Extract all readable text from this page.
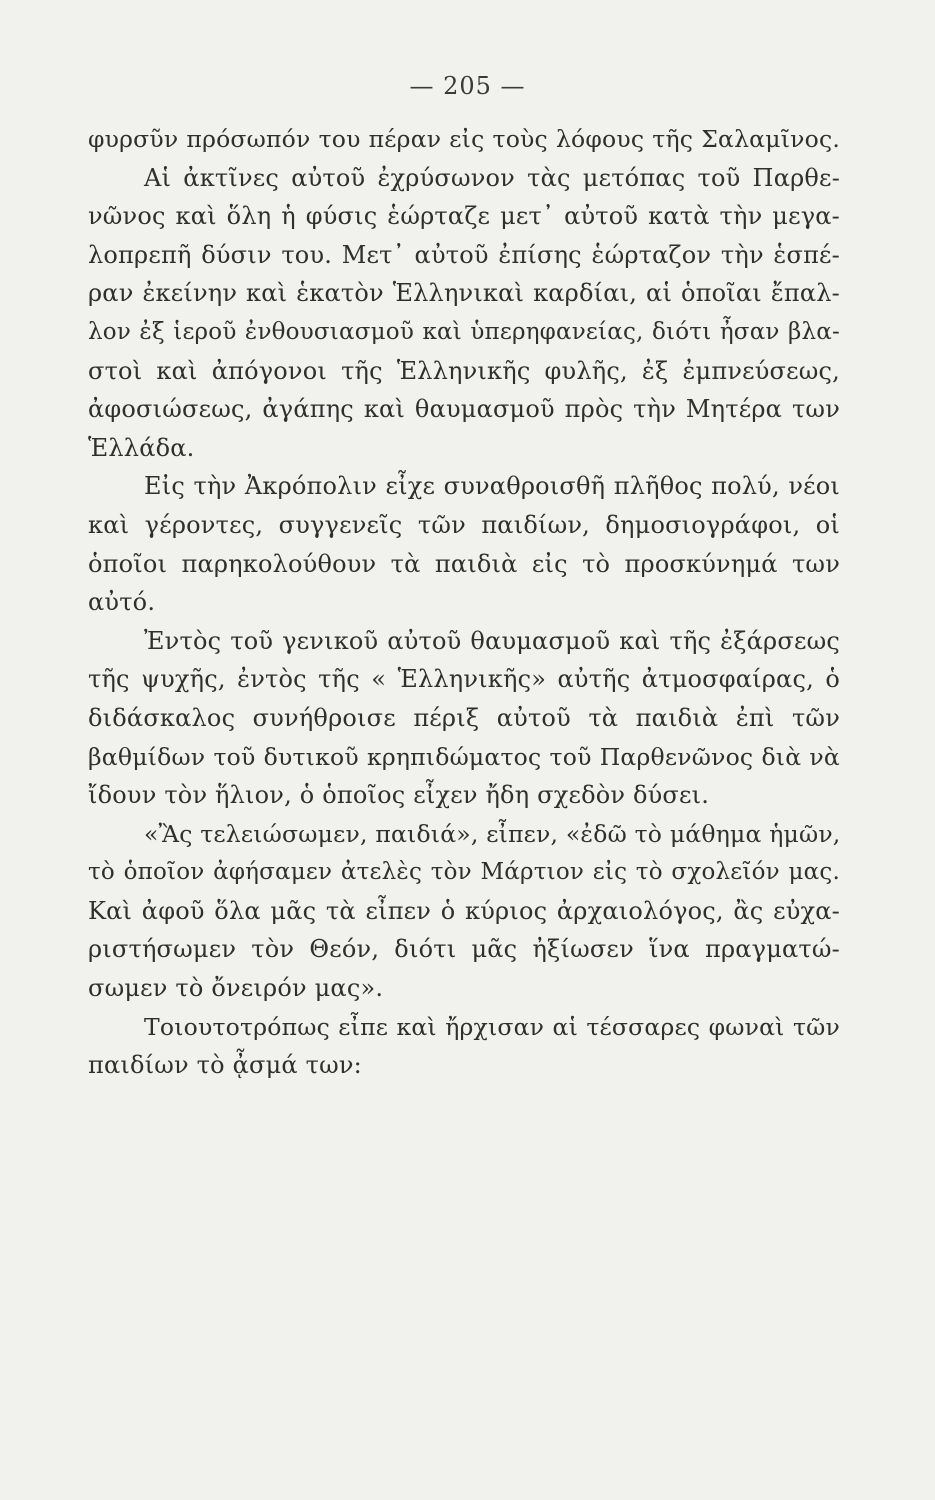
— 205 —
φυρσῦν πρόσωπόν του πέραν εἰς τοὺς λόφους τῆς Σαλαμῖνος.
Αἱ ἀκτῖνες αὐτοῦ ἐχρύσωνον τὰς μετόπας τοῦ Παρθε-
νῶνος καὶ ὅλη ἡ φύσις ἑώρταζε μετ᾽ αὐτοῦ κατὰ τὴν μεγα-
λοπρεπῆ δύσιν του. Μετ᾽ αὐτοῦ ἐπίσης ἑώρταζον τὴν ἑσπέ-
ραν ἐκείνην καὶ ἑκατὸν Ἑλληνικαὶ καρδίαι, αἱ ὁποῖαι ἔπαλ-
λον ἐξ ἱεροῦ ἐνθουσιασμοῦ καὶ ὑπερηφανείας, διότι ἦσαν βλα-
στοὶ καὶ ἀπόγονοι τῆς Ἑλληνικῆς φυλῆς, ἐξ ἐμπνεύσεως,
ἀφοσιώσεως, ἀγάπης καὶ θαυμασμοῦ πρὸς τὴν Μητέρα των
Ἑλλάδα.
Εἰς τὴν Ἀκρόπολιν εἶχε συναθροισθῆ πλῆθος πολύ, νέοι
καὶ γέροντες, συγγενεῖς τῶν παιδίων, δημοσιογράφοι, οἱ
ὁποῖοι παρηκολούθουν τὰ παιδιὰ εἰς τὸ προσκύνημά των
αὐτό.
Ἐντὸς τοῦ γενικοῦ αὐτοῦ θαυμασμοῦ καὶ τῆς ἐξάρσεως
τῆς ψυχῆς, ἐντὸς τῆς « Ἑλληνικῆς» αὐτῆς ἀτμοσφαίρας, ὁ
διδάσκαλος συνήθροισε πέριξ αὐτοῦ τὰ παιδιὰ ἐπὶ τῶν
βαθμίδων τοῦ δυτικοῦ κρηπιδώματος τοῦ Παρθενῶνος διὰ νὰ
ἴδουν τὸν ἥλιον, ὁ ὁποῖος εἶχεν ἤδη σχεδὸν δύσει.
«Ἂς τελειώσωμεν, παιδιά», εἶπεν, «ἐδῶ τὸ μάθημα ἡμῶν,
τὸ ὁποῖον ἀφήσαμεν ἀτελὲς τὸν Μάρτιον εἰς τὸ σχολεῖόν μας.
Καὶ ἀφοῦ ὅλα μᾶς τὰ εἶπεν ὁ κύριος ἀρχαιολόγος, ἂς εὐχα-
ριστήσωμεν τὸν Θεόν, διότι μᾶς ἠξίωσεν ἵνα πραγματώ-
σωμεν τὸ ὄνειρόν μας».
Τοιουτοτρόπως εἶπε καὶ ἤρχισαν αἱ τέσσαρες φωναὶ τῶν
παιδίων τὸ ᾆσμά των:
